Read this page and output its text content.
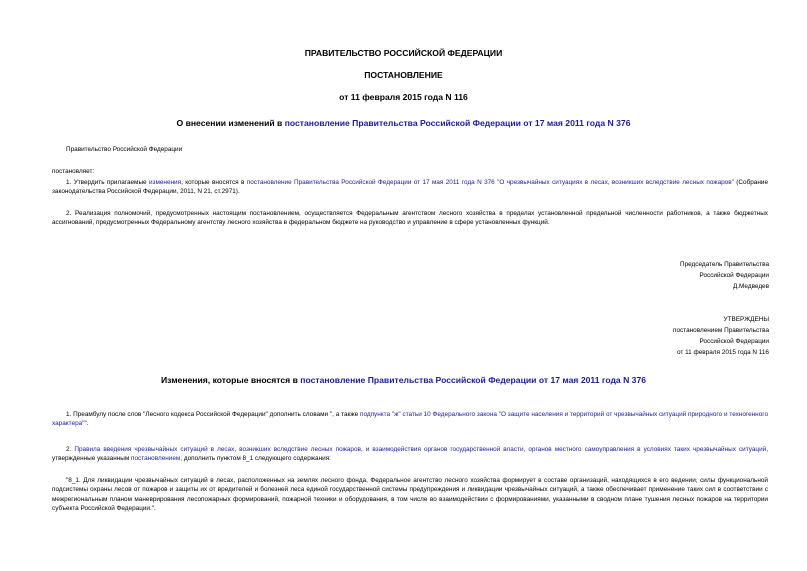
ПРАВИТЕЛЬСТВО РОССИЙСКОЙ ФЕДЕРАЦИИ
ПОСТАНОВЛЕНИЕ
от 11 февраля 2015 года N 116
О внесении изменений в постановление Правительства Российской Федерации от 17 мая 2011 года N 376
Правительство Российской Федерации
постановляет:
1. Утвердить прилагаемые изменения, которые вносятся в постановление Правительства Российской Федерации от 17 мая 2011 года N 376 "О чрезвычайных ситуациях в лесах, возникших вследствие лесных пожаров" (Собрание законодательства Российской Федерации, 2011, N 21, ст.2971).
2. Реализация полномочий, предусмотренных настоящим постановлением, осуществляется Федеральным агентством лесного хозяйства в пределах установленной предельной численности работников, а также бюджетных ассигнований, предусмотренных Федеральному агентству лесного хозяйства в федеральном бюджете на руководство и управление в сфере установленных функций.
Председатель Правительства
Российской Федерации
Д.Медведев
УТВЕРЖДЕНЫ
постановлением Правительства
Российской Федерации
от 11 февраля 2015 года N 116
Изменения, которые вносятся в постановление Правительства Российской Федерации от 17 мая 2011 года N 376
1. Преамбулу после слов "Лесного кодекса Российской Федерации" дополнить словами ", а также подпункта "ж" статьи 10 Федерального закона "О защите населения и территорий от чрезвычайных ситуаций природного и техногенного характера"".
2. Правила введения чрезвычайных ситуаций в лесах, возникших вследствие лесных пожаров, и взаимодействия органов государственной власти, органов местного самоуправления в условиях таких чрезвычайных ситуаций, утвержденные указанным постановлением, дополнить пунктом 8_1 следующего содержания:
"8_1. Для ликвидации чрезвычайных ситуаций в лесах, расположенных на землях лесного фонда, Федеральное агентство лесного хозяйства формирует в составе организаций, находящихся в его ведении, силы функциональной подсистемы охраны лесов от пожаров и защиты их от вредителей и болезней леса единой государственной системы предупреждения и ликвидации чрезвычайных ситуаций, а также обеспечивает применение таких сил в соответствии с межрегиональным планом маневрирования лесопожарных формирований, пожарной техники и оборудования, в том числе во взаимодействии с формированиями, указанными в сводном плане тушения лесных пожаров на территории субъекта Российской Федерации.".
